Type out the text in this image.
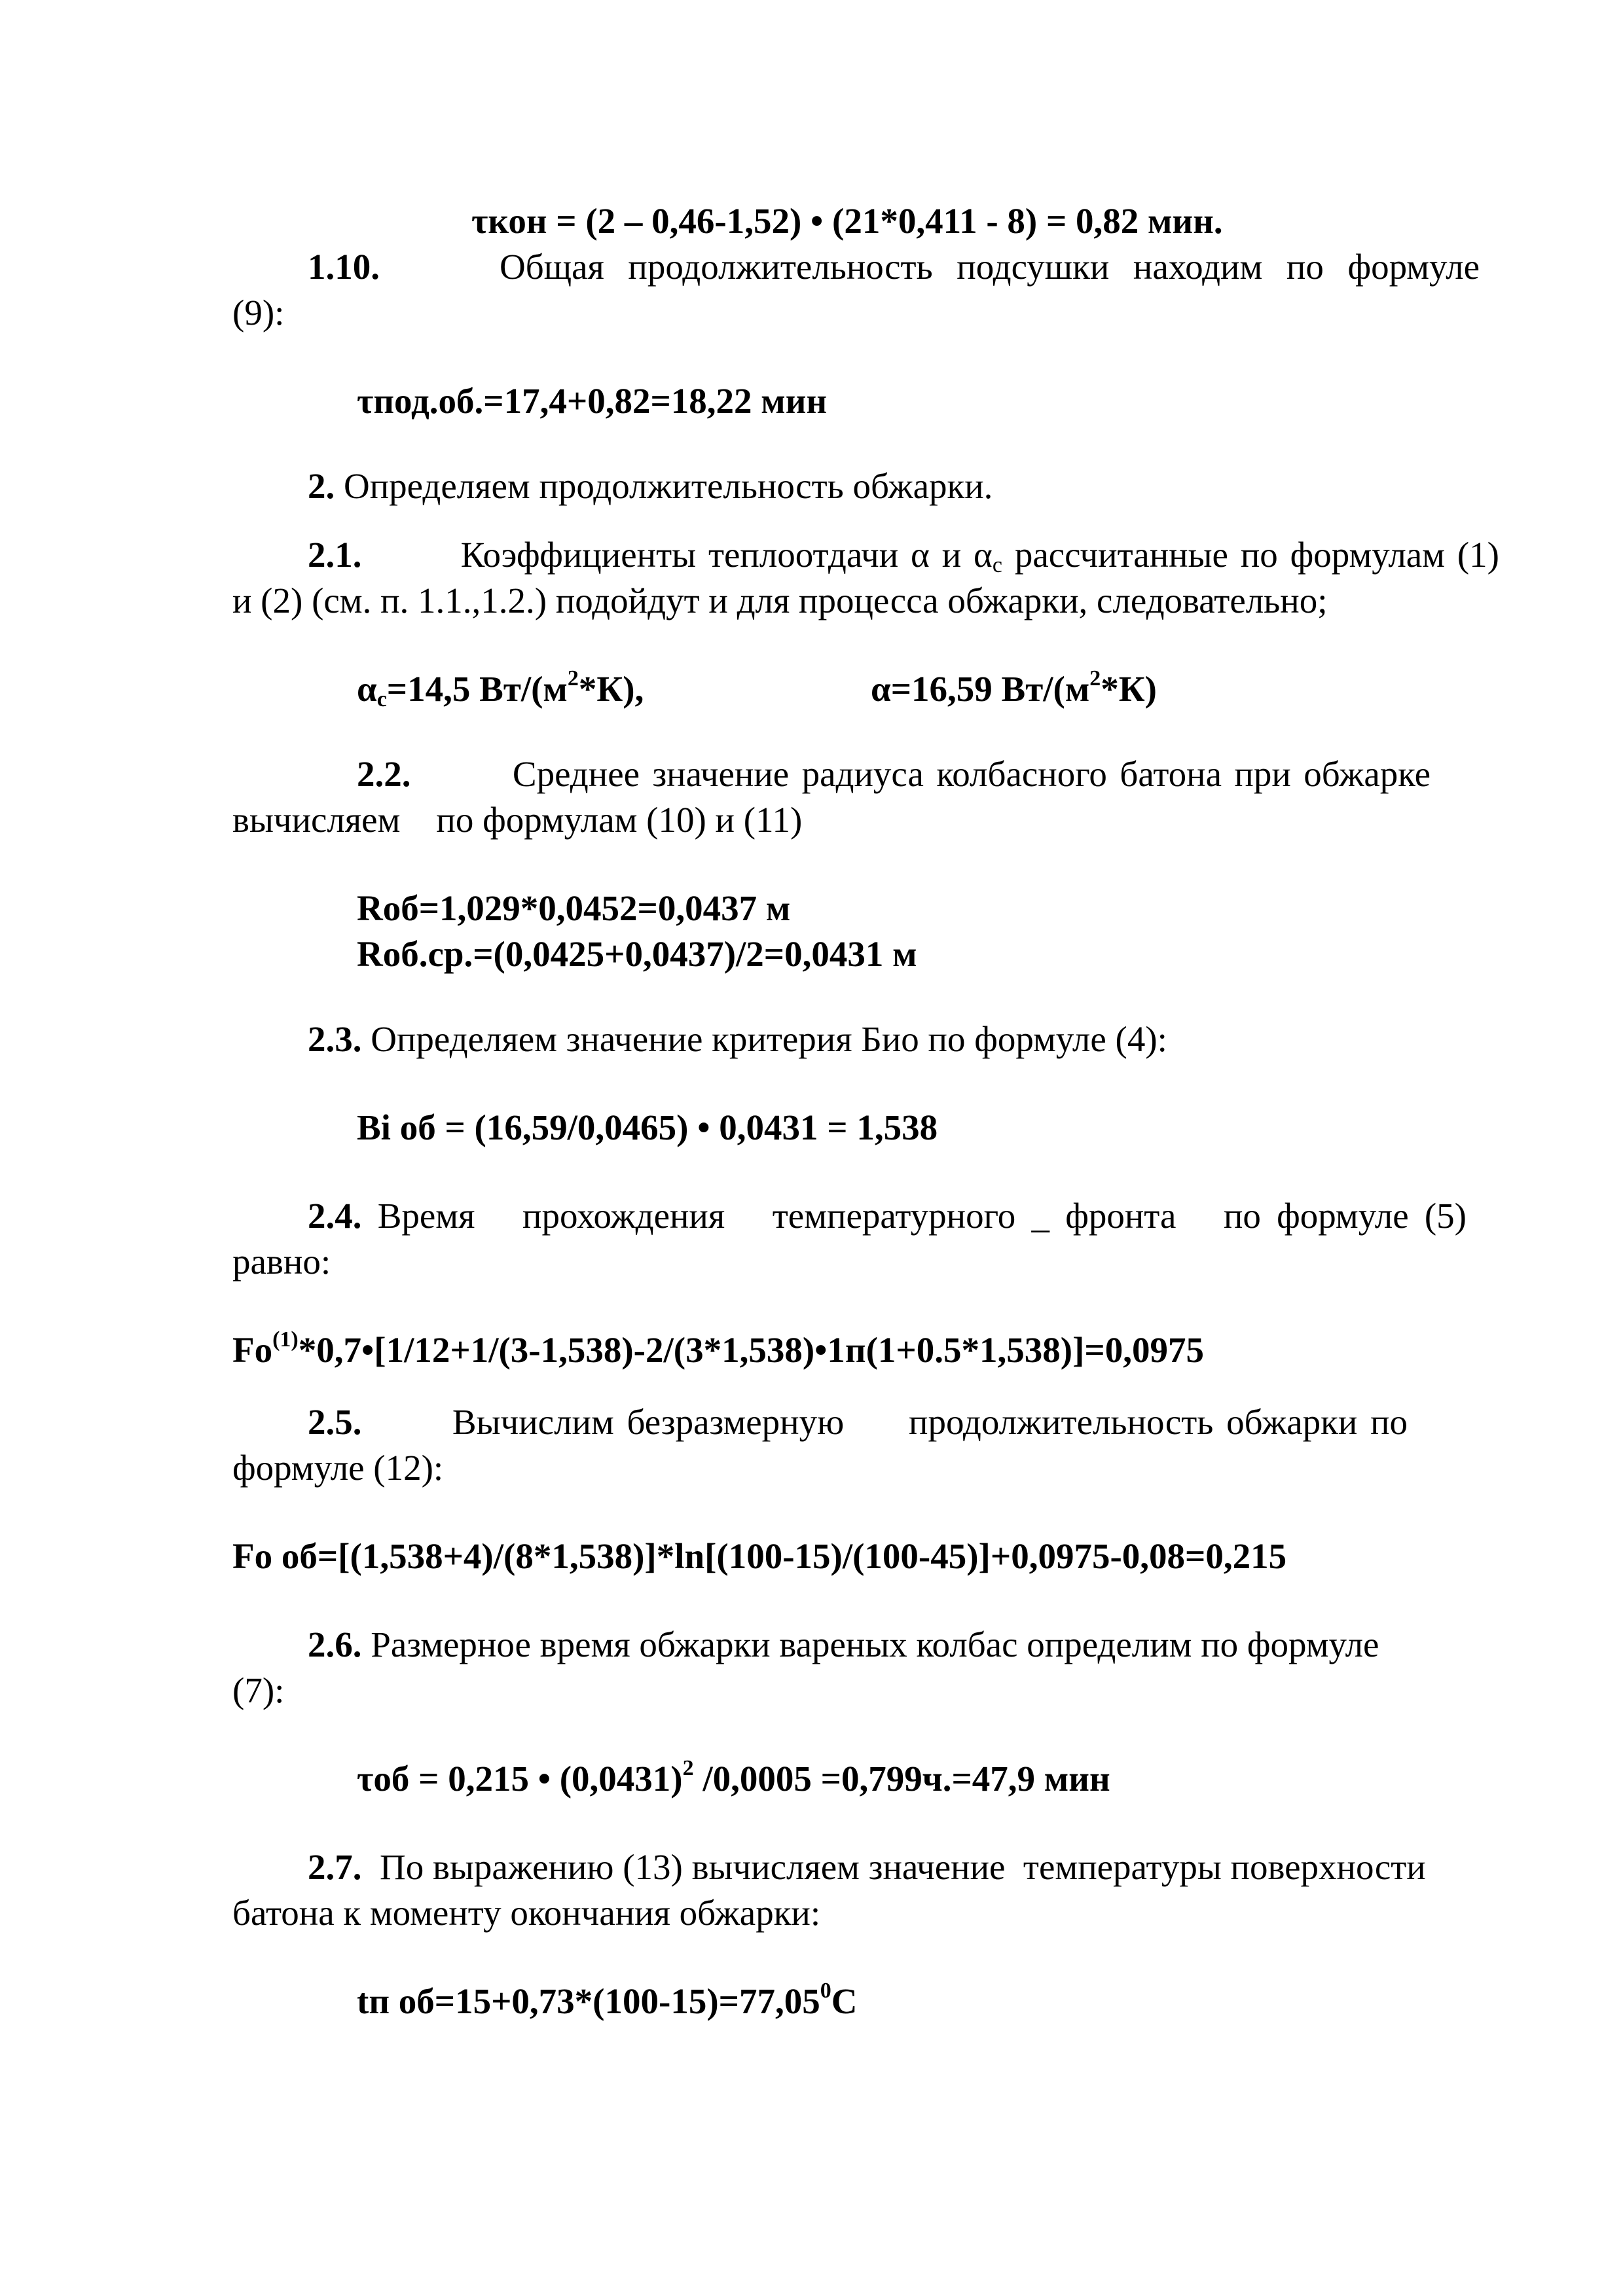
τкон = (2 – 0,46-1,52) • (21*0,411 - 8) = 0,82 мин.
1.10.	Общая продолжительность подсушки находим по формуле
(9):
τпод.об.=17,4+0,82=18,22 мин
2. Определяем продолжительность обжарки.
2.1.	Коэффициенты теплоотдачи α и $\alpha_c$ рассчитанные по формулам (1)
и (2) (см. п. 1.1.,1.2.) подойдут и для процесса обжарки, следовательно;
$\alpha_c=14,5$ $Вт/(м^2*К)$,	α=16,59 $Вт/(м^2*К)$
2.2.	Среднее значение радиуса колбасного батона при обжарке
вычисляем    по формулам (10) и (11)
Rоб=1,029*0,0452=0,0437 м
Rоб.ср.=(0,0425+0,0437)/2=0,0431 м
2.3. Определяем значение критерия Био по формуле (4):
Bi об = (16,59/0,0465) • 0,0431 = 1,538
2.4. Время   прохождения   температурного _ фронта   по формуле (5)
равно:
$Fo^{(1)}*0,7•[1/12+1/(3-1,538)-2/(3*1,538)•1п(1+0.5*1,538)]=0,0975$
2.5.	Вычислим безразмерную     продолжительность обжарки по
формуле (12):
Fo об=[(1,538+4)/(8*1,538)]*ln[(100-15)/(100-45)]+0,0975-0,08=0,215
2.6. Размерное время обжарки вареных колбас определим по формуле
(7):
τоб = 0,215 • $(0,0431)^2$ /0,0005 =0,799ч.=47,9 мин
2.7. По выражению (13) вычисляем значение  температуры поверхности
батона к моменту окончания обжарки:
tп $об=15+0,73*(100-15)=77,05^0С$
